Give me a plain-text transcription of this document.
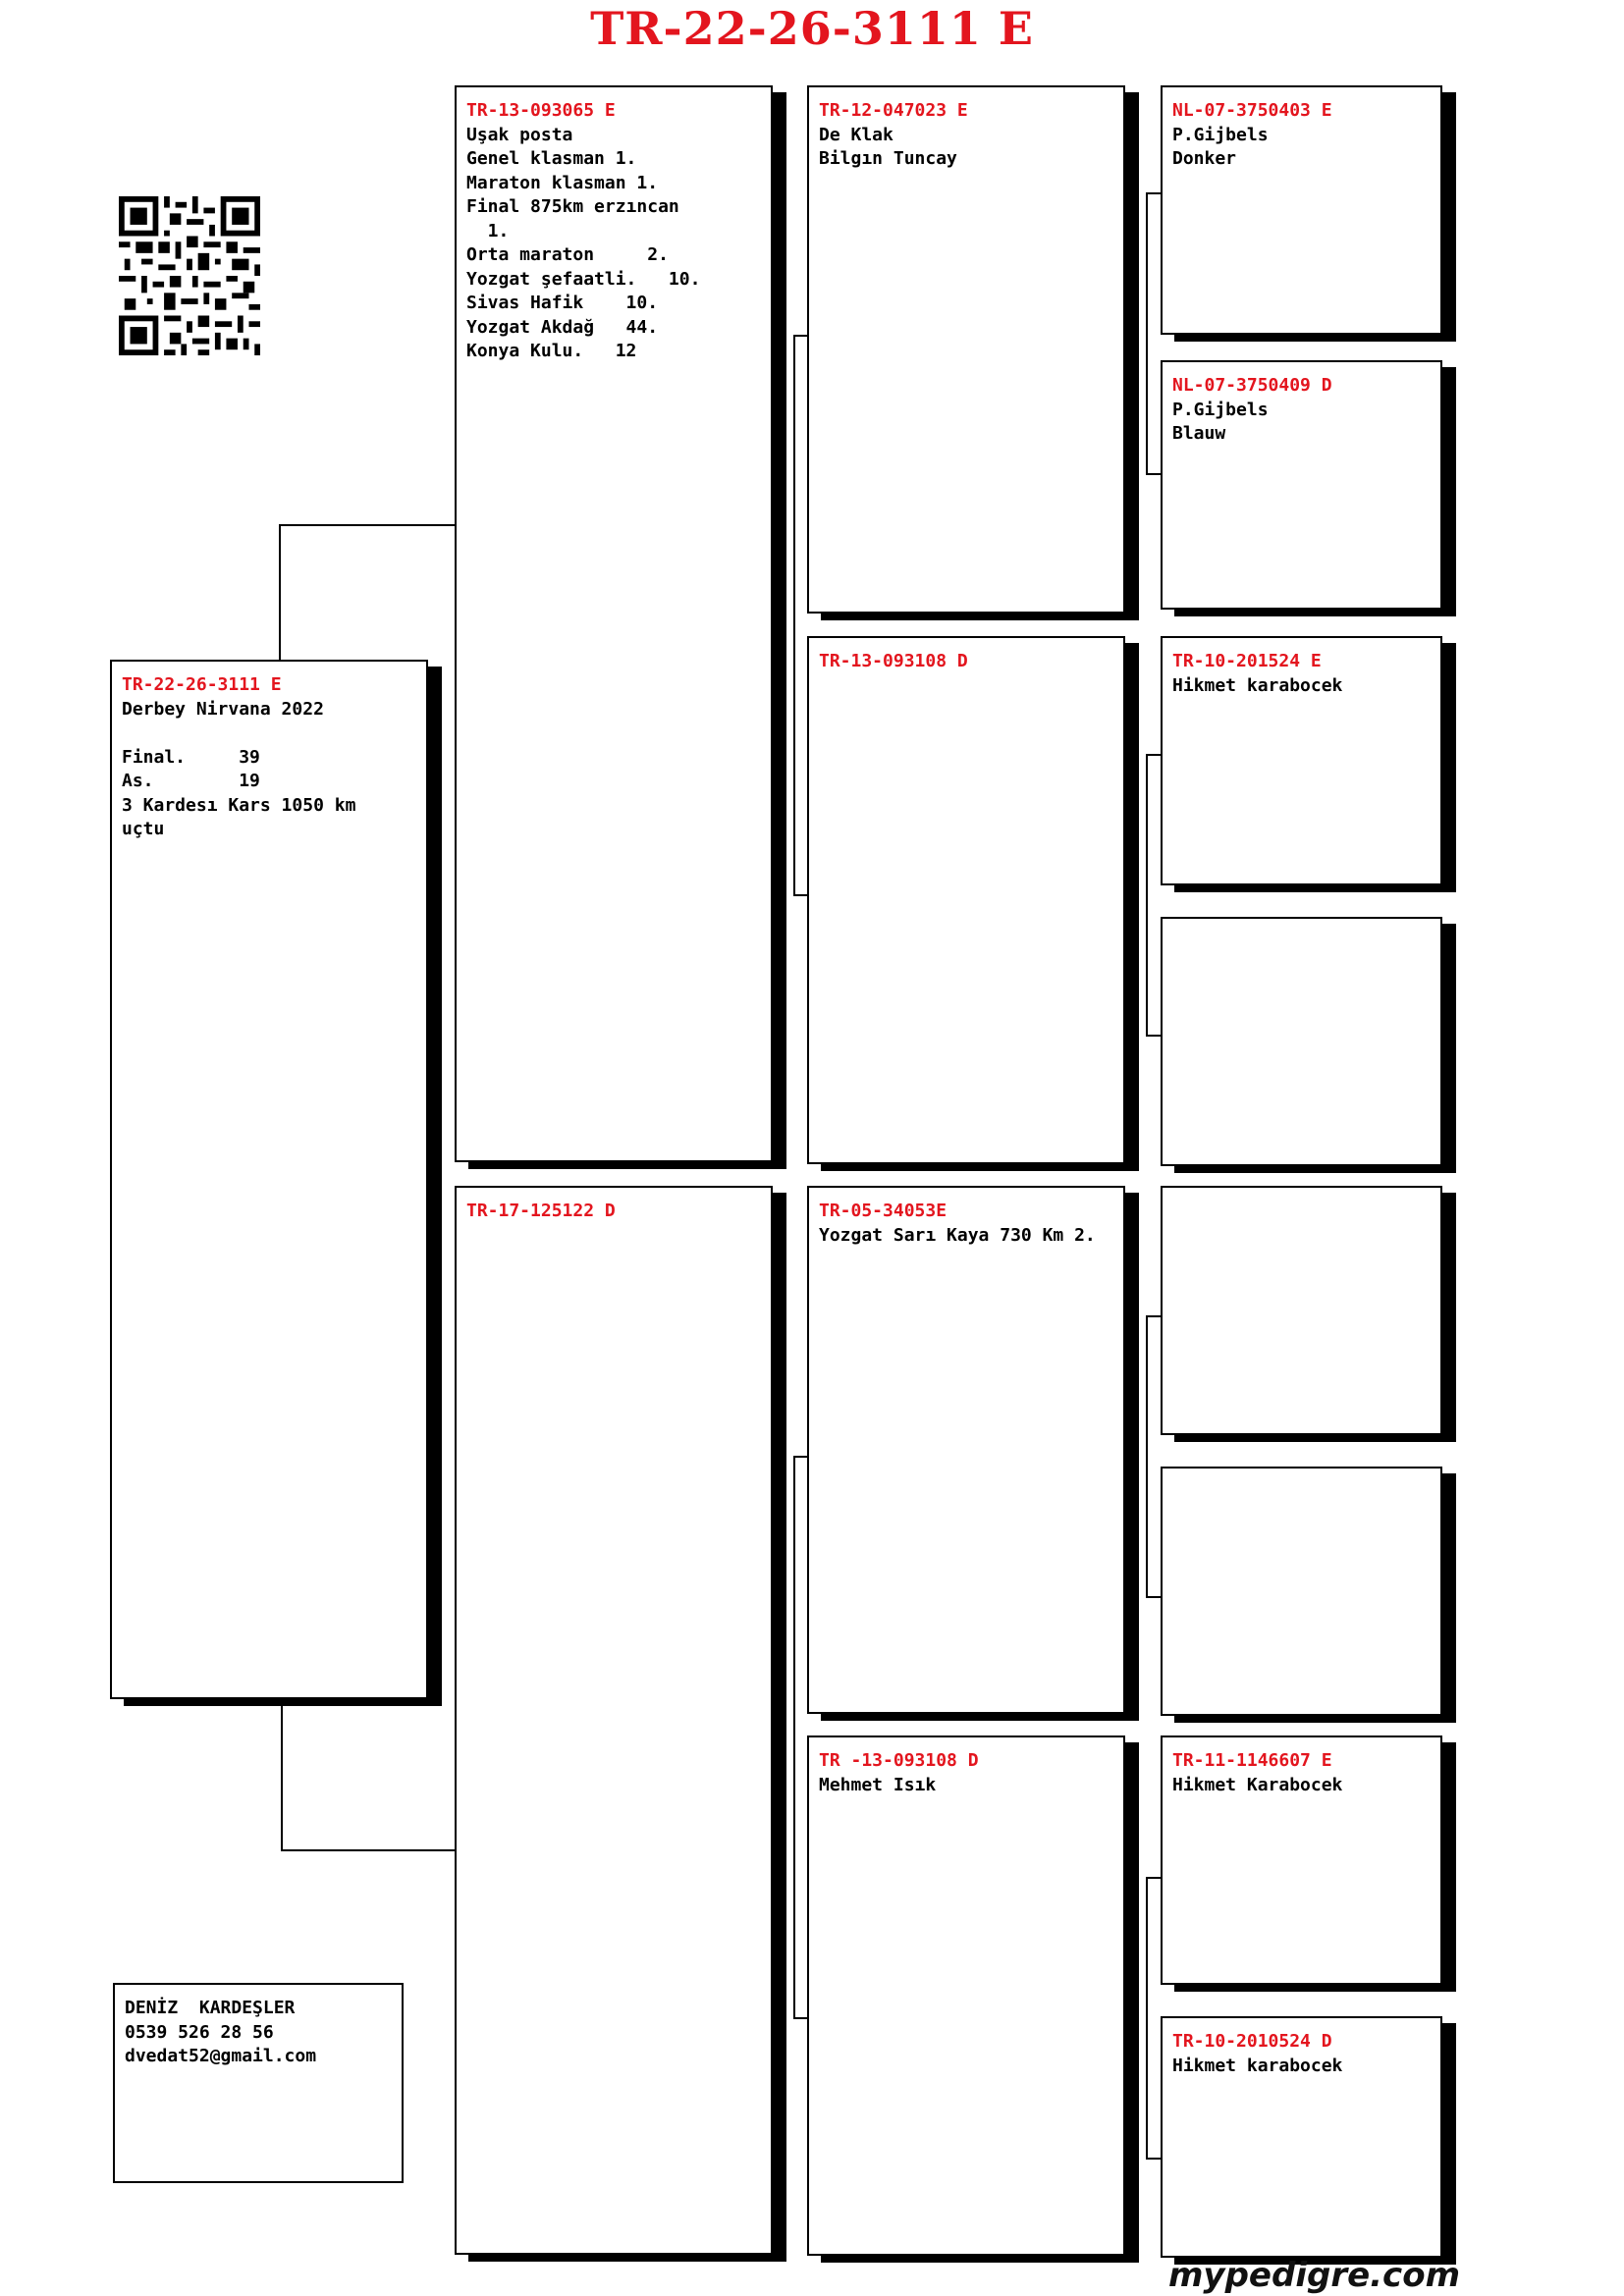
TR-22-26-3111 E
TR-22-26-3111 E
Derbey Nirvana 2022
Final.     39
As.        19
3 Kardesı Kars 1050 km
uçtu
DENİZ  KARDEŞLER
0539 526 28 56
dvedat52@gmail.com
TR-13-093065 E
Uşak posta
Genel klasman 1.
Maraton klasman 1.
Final 875km erzıncan
1.
Orta maraton     2.
Yozgat şefaatli.   10.
Sivas Hafik    10.
Yozgat Akdağ   44.
Konya Kulu.   12
TR-17-125122 D
TR-12-047023 E
De Klak
Bilgın Tuncay
TR-13-093108 D
TR-05-34053E
Yozgat Sarı Kaya 730 Km 2.
TR -13-093108 D
Mehmet Isık
NL-07-3750403 E
P.Gijbels
Donker
NL-07-3750409 D
P.Gijbels
Blauw
TR-10-201524 E
Hikmet karabocek
TR-11-1146607 E
Hikmet Karabocek
TR-10-2010524 D
Hikmet karabocek
mypedigre.com
